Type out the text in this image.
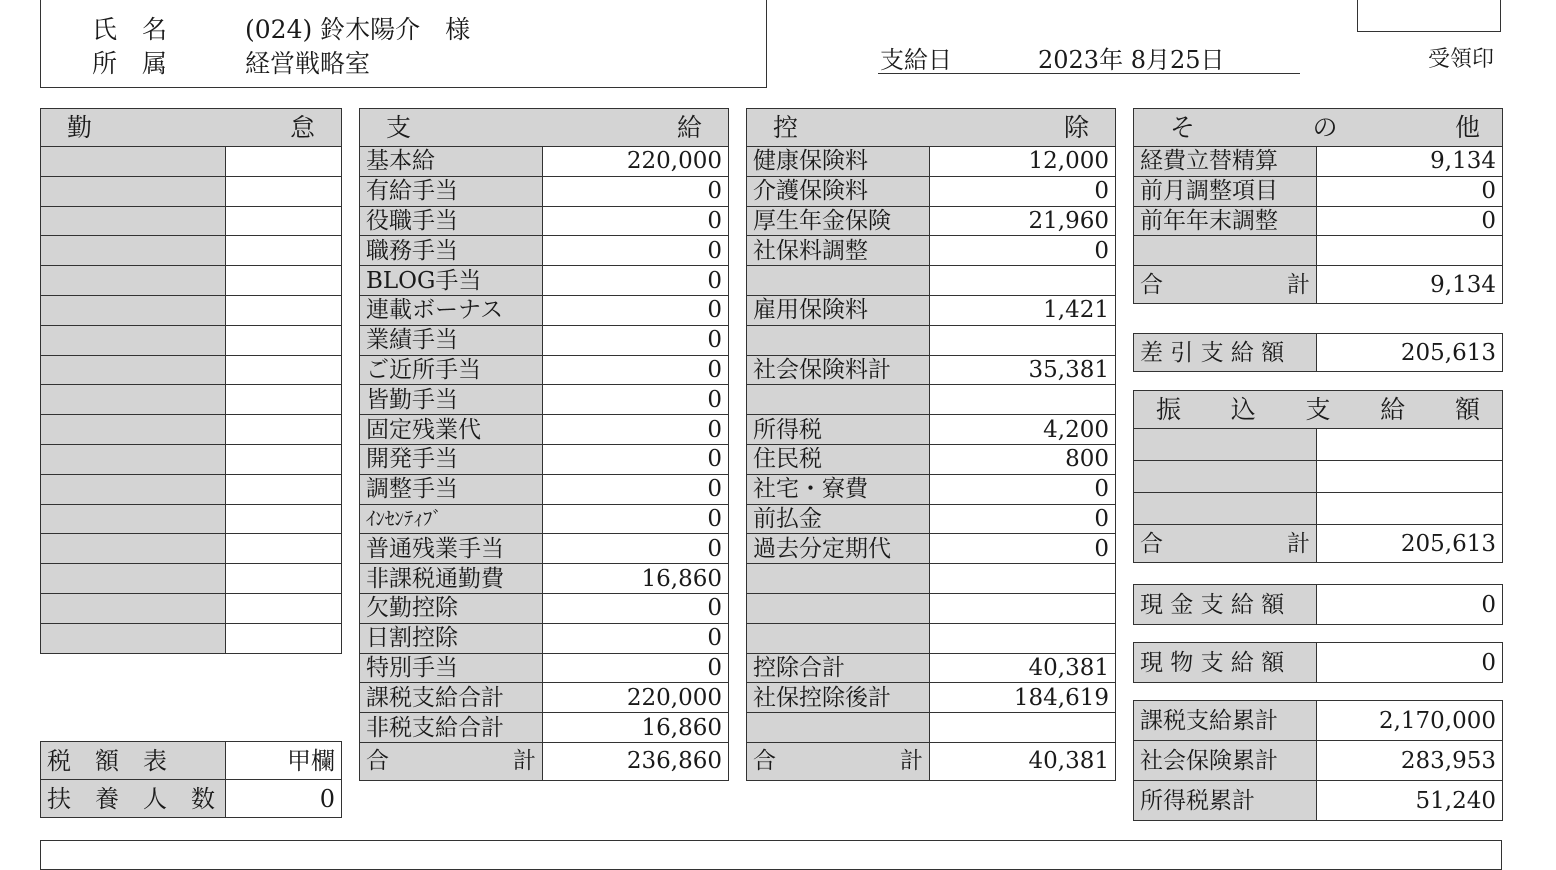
氏　名	(024) 鈴木陽介　様
所　属	経営戦略室	支給日	2023年 8月25日	受領印
勤 怠	

税　額　表	甲欄
扶　養　人　数	0
支 給	

基本給	220,000
有給手当	0
役職手当	0
職務手当	0
BLOG手当	0
連載ボーナス	0
業績手当	0
ご近所手当	0
皆勤手当	0
固定残業代	0
開発手当	0
調整手当	0
ｲﾝｾﾝﾃｨﾌﾞ	0
普通残業手当	0
非課税通勤費	16,860
欠勤控除	0
日割控除	0
特別手当	0
課税支給合計	220,000
非税支給合計	16,860

合 計	236,860
控 除	

健康保険料	12,000
介護保険料	0
厚生年金保険	21,960
社保料調整	0

雇用保険料	1,421

社会保険料計	35,381

所得税	4,200
住民税	800
社宅・寮費	0
前払金	0
過去分定期代	0

控除合計	40,381
社保控除後計	184,619

合 計	40,381
そ の 他	

経費立替精算	9,134
前月調整項目	0
前年年末調整	0

合 計	9,134
差 引 支 給 額	205,613
振 込 支 給 額	

合 計	205,613
現 金 支 給 額	0
現 物 支 給 額	0
課税支給累計	2,170,000
社会保険累計	283,953
所得税累計	51,240
